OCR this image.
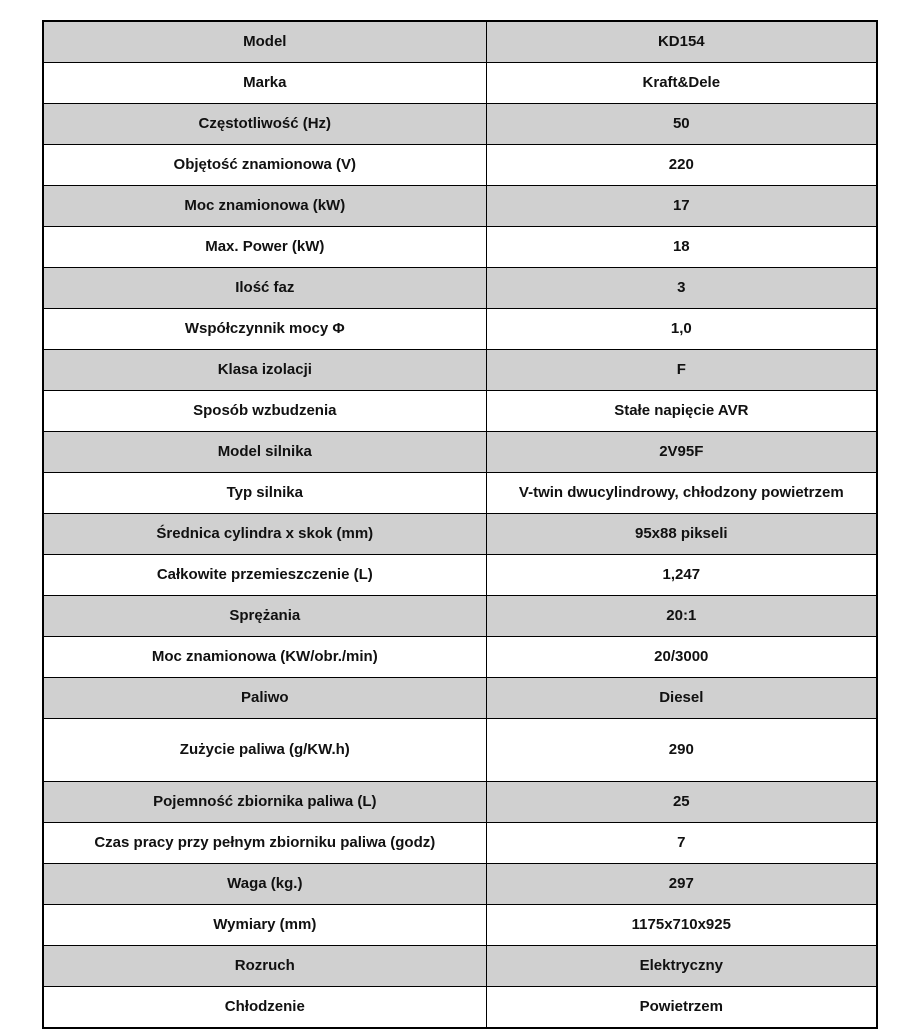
Model	KD154
Marka	Kraft&Dele
Częstotliwość (Hz)	50
Objętość znamionowa (V)	220
Moc znamionowa (kW)	17
Max. Power (kW)	18
Ilość faz	3
Współczynnik mocy Φ	1,0
Klasa izolacji	F
Sposób wzbudzenia	Stałe napięcie AVR
Model silnika	2V95F
Typ silnika	V-twin dwucylindrowy, chłodzony powietrzem
Średnica cylindra x skok (mm)	95x88 pikseli
Całkowite przemieszczenie (L)	1,247
Sprężania	20:1
Moc znamionowa (KW/obr./min)	20/3000
Paliwo	Diesel
Zużycie paliwa (g/KW.h)	290
Pojemność zbiornika paliwa (L)	25
Czas pracy przy pełnym zbiorniku paliwa (godz)	7
Waga (kg.)	297
Wymiary (mm)	1175x710x925
Rozruch	Elektryczny
Chłodzenie	Powietrzem
